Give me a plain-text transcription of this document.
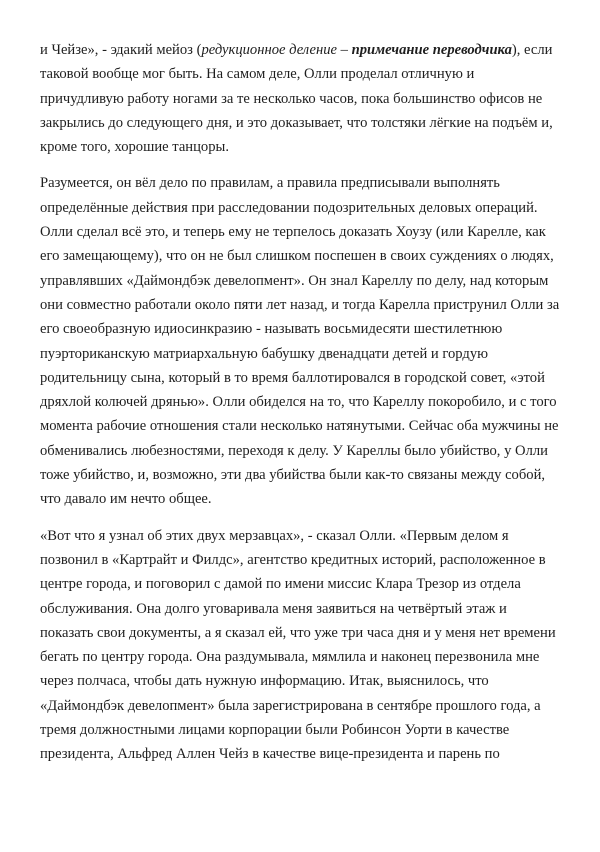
и Чейзе», - эдакий мейоз (редукционное деление – примечание переводчика), если таковой вообще мог быть. На самом деле, Олли проделал отличную и причудливую работу ногами за те несколько часов, пока большинство офисов не закрылись до следующего дня, и это доказывает, что толстяки лёгкие на подъём и, кроме того, хорошие танцоры.

Разумеется, он вёл дело по правилам, а правила предписывали выполнять определённые действия при расследовании подозрительных деловых операций. Олли сделал всё это, и теперь ему не терпелось доказать Хоузу (или Карелле, как его замещающему), что он не был слишком поспешен в своих суждениях о людях, управлявших «Даймондбэк девелопмент». Он знал Кареллу по делу, над которым они совместно работали около пяти лет назад, и тогда Карелла приструнил Олли за его своеобразную идиосинкразию - называть восьмидесяти шестилетнюю пуэрториканскую матриархальную бабушку двенадцати детей и гордую родительницу сына, который в то время баллотировался в городской совет, «этой дряхлой колючей дрянью». Олли обиделся на то, что Кареллу покоробило, и с того момента рабочие отношения стали несколько натянутыми. Сейчас оба мужчины не обменивались любезностями, переходя к делу. У Кареллы было убийство, у Олли тоже убийство, и, возможно, эти два убийства были как-то связаны между собой, что давало им нечто общее.

«Вот что я узнал об этих двух мерзавцах», - сказал Олли. «Первым делом я позвонил в «Картрайт и Филдс», агентство кредитных историй, расположенное в центре города, и поговорил с дамой по имени миссис Клара Трезор из отдела обслуживания. Она долго уговаривала меня заявиться на четвёртый этаж и показать свои документы, а я сказал ей, что уже три часа дня и у меня нет времени бегать по центру города. Она раздумывала, мямлила и наконец перезвонила мне через полчаса, чтобы дать нужную информацию. Итак, выяснилось, что «Даймондбэк девелопмент» была зарегистрирована в сентябре прошлого года, а тремя должностными лицами корпорации были Робинсон Уорти в качестве президента, Альфред Аллен Чейз в качестве вице-президента и парень по
